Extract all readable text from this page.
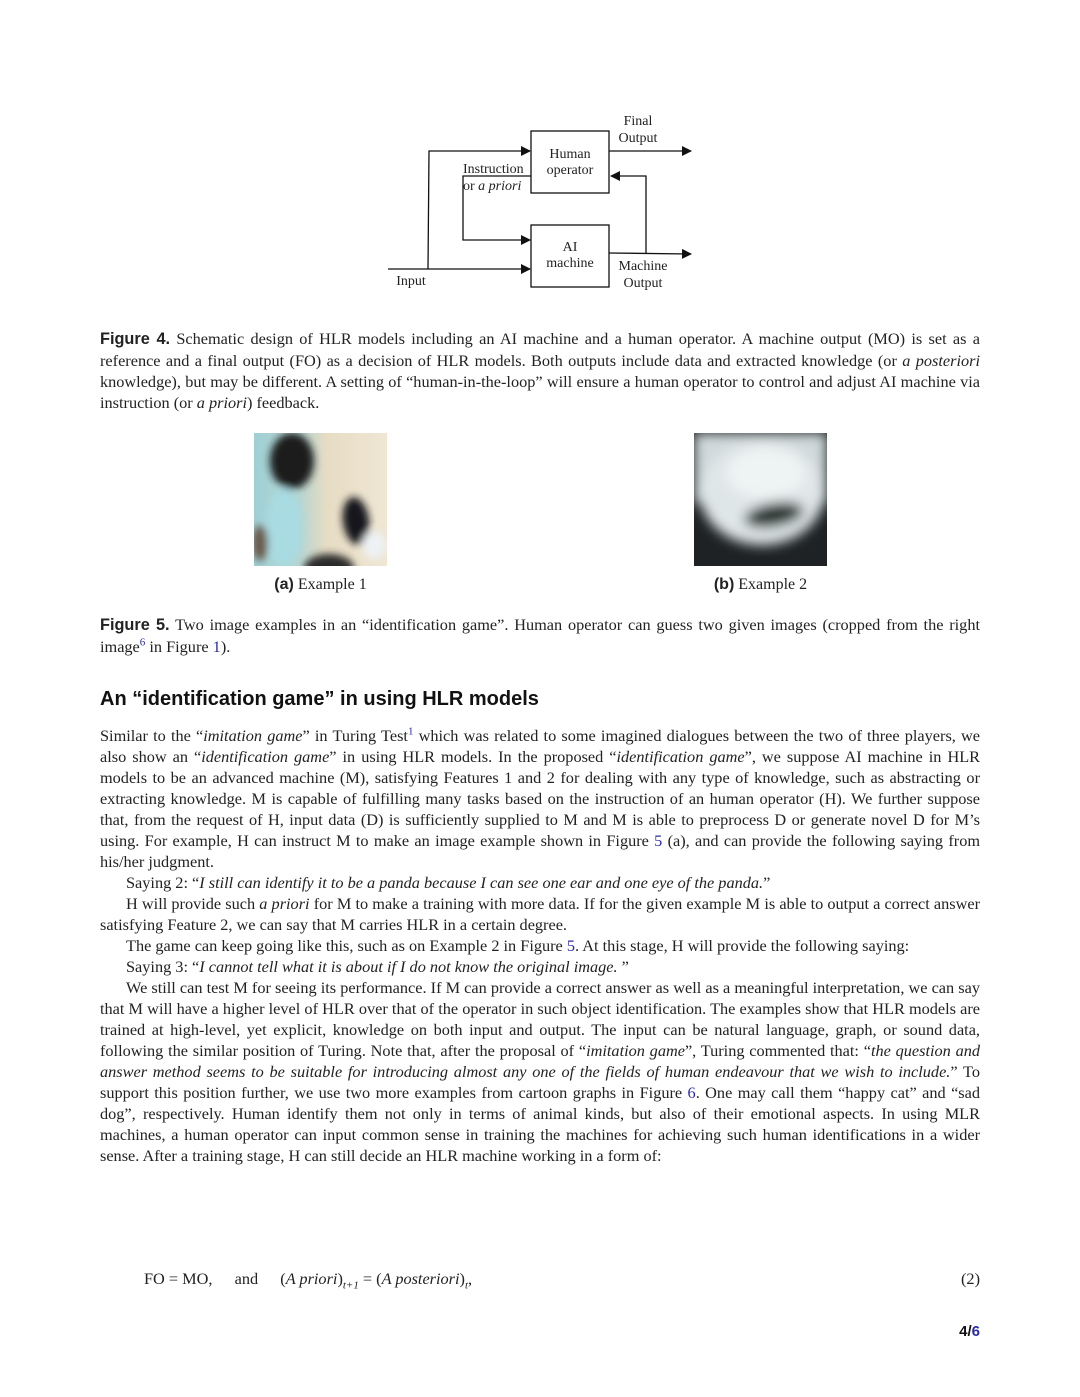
Human
operator
AI
machine
Final
Output
Instruction
or a priori
Input
Machine
Output
Figure 4. Schematic design of HLR models including an AI machine and a human operator. A machine output (MO) is set as a reference and a final output (FO) as a decision of HLR models. Both outputs include data and extracted knowledge (or a posteriori knowledge), but may be different. A setting of “human-in-the-loop” will ensure a human operator to control and adjust AI machine via instruction (or a priori) feedback.
(a) Example 1	(b) Example 2
Figure 5. Two image examples in an “identification game”. Human operator can guess two given images (cropped from the right image$^6$ in Figure 1).
An “identification game” in using HLR models

Similar to the “imitation game” in Turing Test$^1$ which was related to some imagined dialogues between the two of three players, we also show an “identification game” in using HLR models. In the proposed “identification game”, we suppose AI machine in HLR models to be an advanced machine (M), satisfying Features 1 and 2 for dealing with any type of knowledge, such as abstracting or extracting knowledge. M is capable of fulfilling many tasks based on the instruction of an human operator (H). We further suppose that, from the request of H, input data (D) is sufficiently supplied to M and M is able to preprocess D or generate novel D for M’s using. For example, H can instruct M to make an image example shown in Figure 5 (a), and can provide the following saying from his/her judgment.

Saying 2: “I still can identify it to be a panda because I can see one ear and one eye of the panda.”

H will provide such a priori for M to make a training with more data. If for the given example M is able to output a correct answer satisfying Feature 2, we can say that M carries HLR in a certain degree.

The game can keep going like this, such as on Example 2 in Figure 5. At this stage, H will provide the following saying:

Saying 3: “I cannot tell what it is about if I do not know the original image. ”

We still can test M for seeing its performance. If M can provide a correct answer as well as a meaningful interpretation, we can say that M will have a higher level of HLR over that of the operator in such object identification. The examples show that HLR models are trained at high-level, yet explicit, knowledge on both input and output. The input can be natural language, graph, or sound data, following the similar position of Turing. Note that, after the proposal of “imitation game”, Turing commented that: “the question and answer method seems to be suitable for introducing almost any one of the fields of human endeavour that we wish to include.” To support this position further, we use two more examples from cartoon graphs in Figure 6. One may call them “happy cat” and “sad dog”, respectively. Human identify them not only in terms of animal kinds, but also of their emotional aspects. In using MLR machines, a human operator can input common sense in training the machines for achieving such human identifications in a wider sense. After a training stage, H can still decide an HLR machine working in a form of:

FO = MO, and (A $priori)_{t+1} = (A$ $posteriori)_t$,	(2)
4/6
